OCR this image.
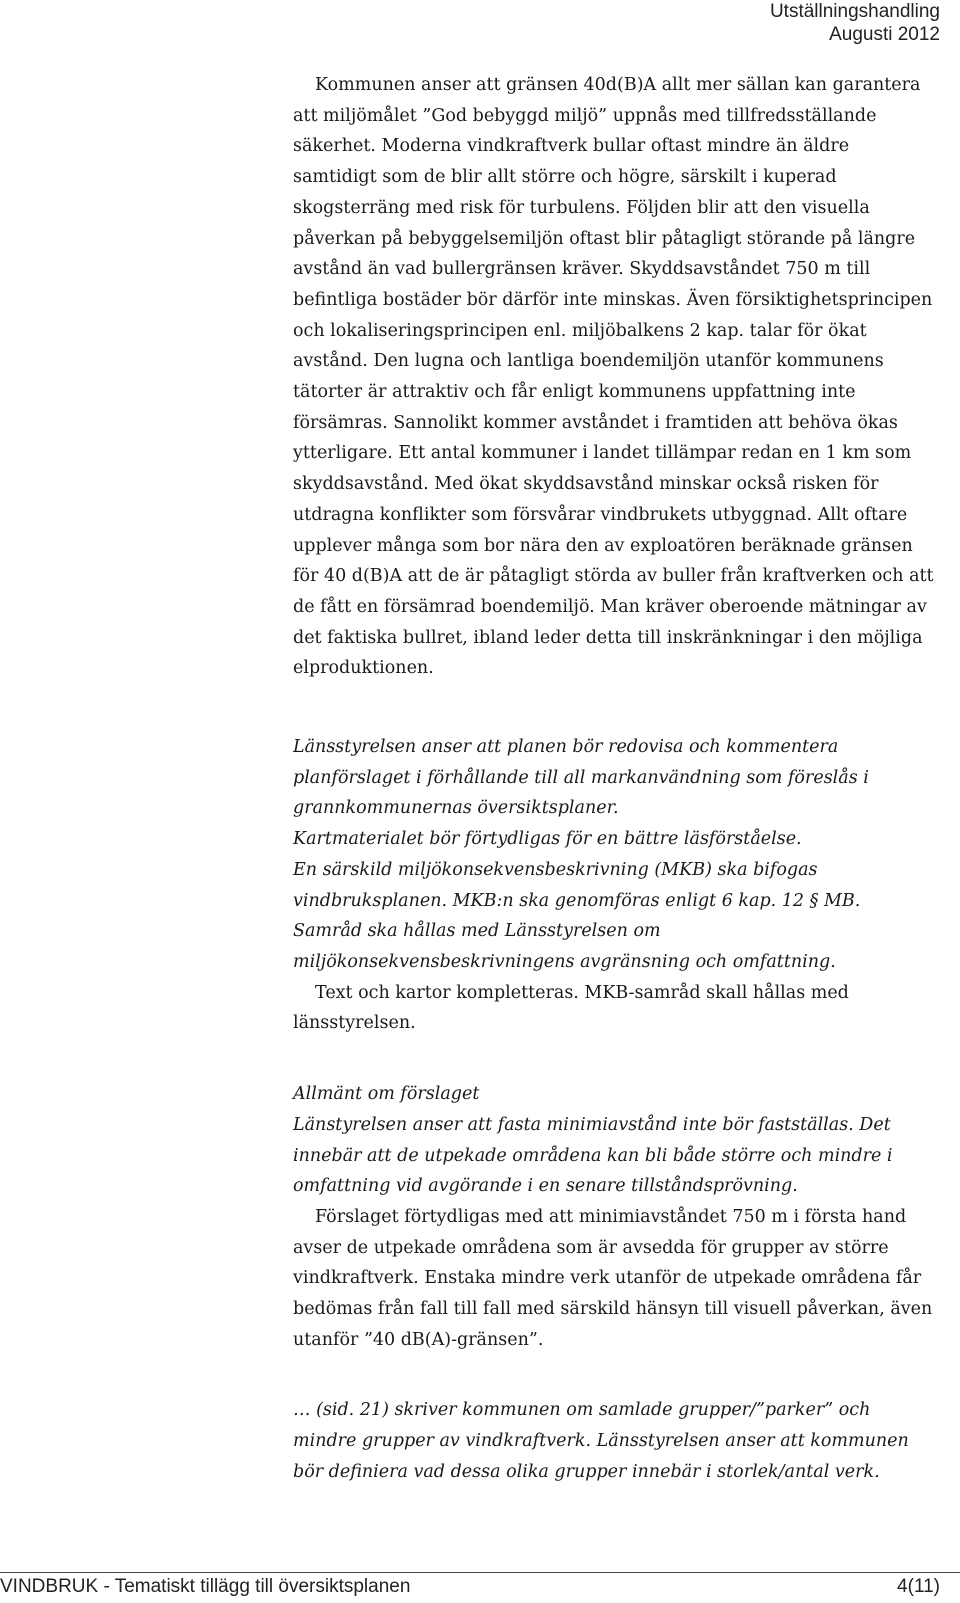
Utställningshandling
Augusti 2012

Kommunen anser att gränsen 40d(B)A allt mer sällan kan garantera att miljömålet ”God bebyggd miljö” uppnås med tillfredsställande säkerhet. Moderna vindkraftverk bullar oftast mindre än äldre samtidigt som de blir allt större och högre, särskilt i kuperad skogsterräng med risk för turbulens. Följden blir att den visuella påverkan på bebyggelsemiljön oftast blir påtagligt störande på längre avstånd än vad bullergränsen kräver. Skyddsavståndet 750 m till befintliga bostäder bör därför inte minskas. Även försiktighetsprincipen och lokaliseringsprincipen enl. miljöbalkens 2 kap. talar för ökat avstånd. Den lugna och lantliga boendemiljön utanför kommunens tätorter är attraktiv och får enligt kommunens uppfattning inte försämras. Sannolikt kommer avståndet i framtiden att behöva ökas ytterligare. Ett antal kommuner i landet tillämpar redan en 1 km som skyddsavstånd. Med ökat skyddsavstånd minskar också risken för utdragna konflikter som försvårar vindbrukets utbyggnad. Allt oftare upplever många som bor nära den av exploatören beräknade gränsen för 40 d(B)A att de är påtagligt störda av buller från kraftverken och att de fått en försämrad boendemiljö. Man kräver oberoende mätningar av det faktiska bullret, ibland leder detta till inskränkningar i den möjliga elproduktionen.

Länsstyrelsen anser att planen bör redovisa och kommentera planförslaget i förhållande till all markanvändning som föreslås i grannkommunernas översiktsplaner.

Kartmaterialet bör förtydligas för en bättre läsförståelse.

En särskild miljökonsekvensbeskrivning (MKB) ska bifogas vindbruksplanen. MKB:n ska genomföras enligt 6 kap. 12 § MB.

Samråd ska hållas med Länsstyrelsen om miljökonsekvensbeskrivningens avgränsning och omfattning.

Text och kartor kompletteras. MKB-samråd skall hållas med länsstyrelsen.

Allmänt om förslaget

Länstyrelsen anser att fasta minimiavstånd inte bör fastställas. Det innebär att de utpekade områdena kan bli både större och mindre i omfattning vid avgörande i en senare tillståndsprövning.

Förslaget förtydligas med att minimiavståndet 750 m i första hand avser de utpekade områdena som är avsedda för grupper av större vindkraftverk. Enstaka mindre verk utanför de utpekade områdena får bedömas från fall till fall med särskild hänsyn till visuell påverkan, även utanför ”40 dB(A)-gränsen”.

… (sid. 21) skriver kommunen om samlade grupper/”parker” och mindre grupper av vindkraftverk. Länsstyrelsen anser att kommunen bör definiera vad dessa olika grupper innebär i storlek/antal verk.

VINDBRUK - Tematiskt tillägg till översiktsplanen	4(11)
